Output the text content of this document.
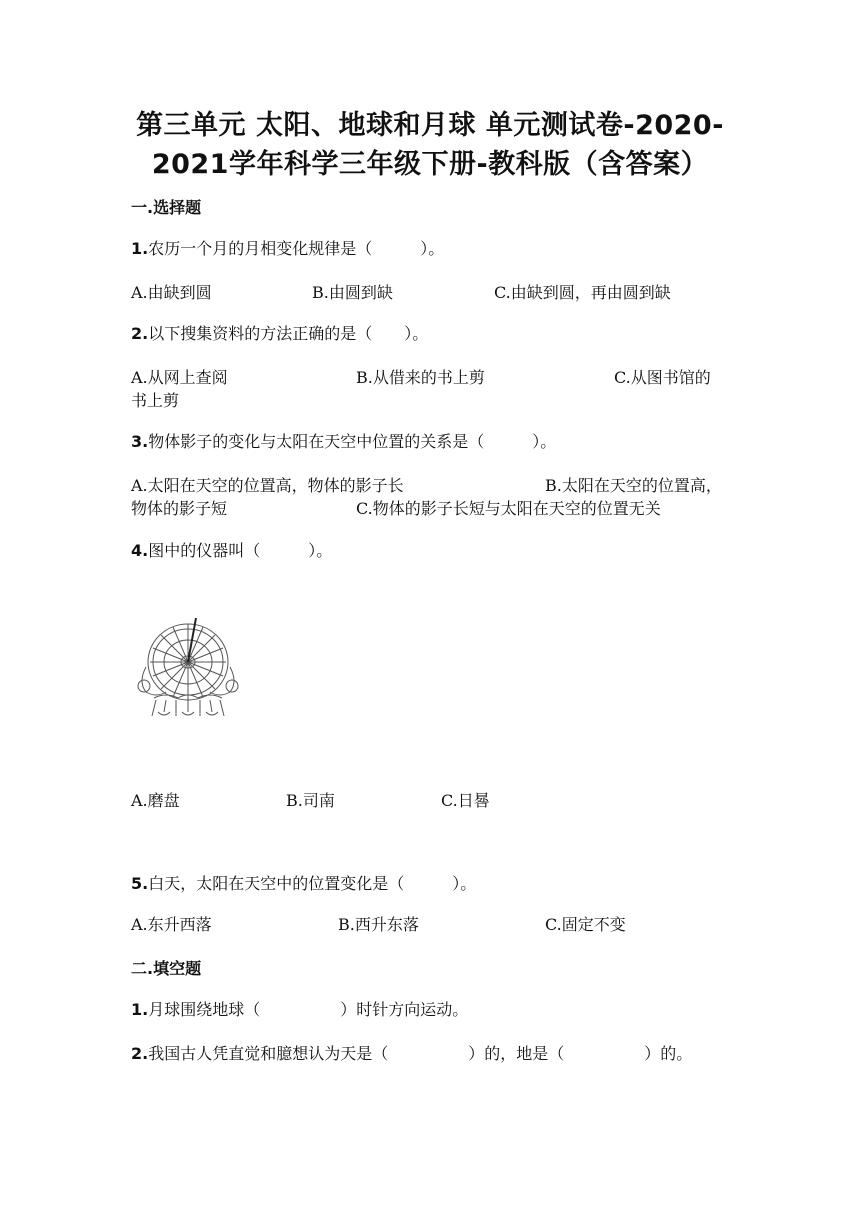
第三单元 太阳、地球和月球 单元测试卷-2020-
2021学年科学三年级下册-教科版（含答案）
一.选择题
1.农历一个月的月相变化规律是（　　　）。
A.由缺到圆	B.由圆到缺	C.由缺到圆，再由圆到缺
2.以下搜集资料的方法正确的是（　　）。
A.从网上查阅	B.从借来的书上剪	C.从图书馆的
书上剪
3.物体影子的变化与太阳在天空中位置的关系是（　　　）。
A.太阳在天空的位置高，物体的影子长	B.太阳在天空的位置高，
物体的影子短	C.物体的影子长短与太阳在天空的位置无关
4.图中的仪器叫（　　　）。
A.磨盘	B.司南	C.日晷
5.白天，太阳在天空中的位置变化是（　　　）。
A.东升西落	B.西升东落	C.固定不变
二.填空题
1.月球围绕地球（　　　　　）时针方向运动。
2.我国古人凭直觉和臆想认为天是（　　　　　）的，地是（　　　　　）的。
